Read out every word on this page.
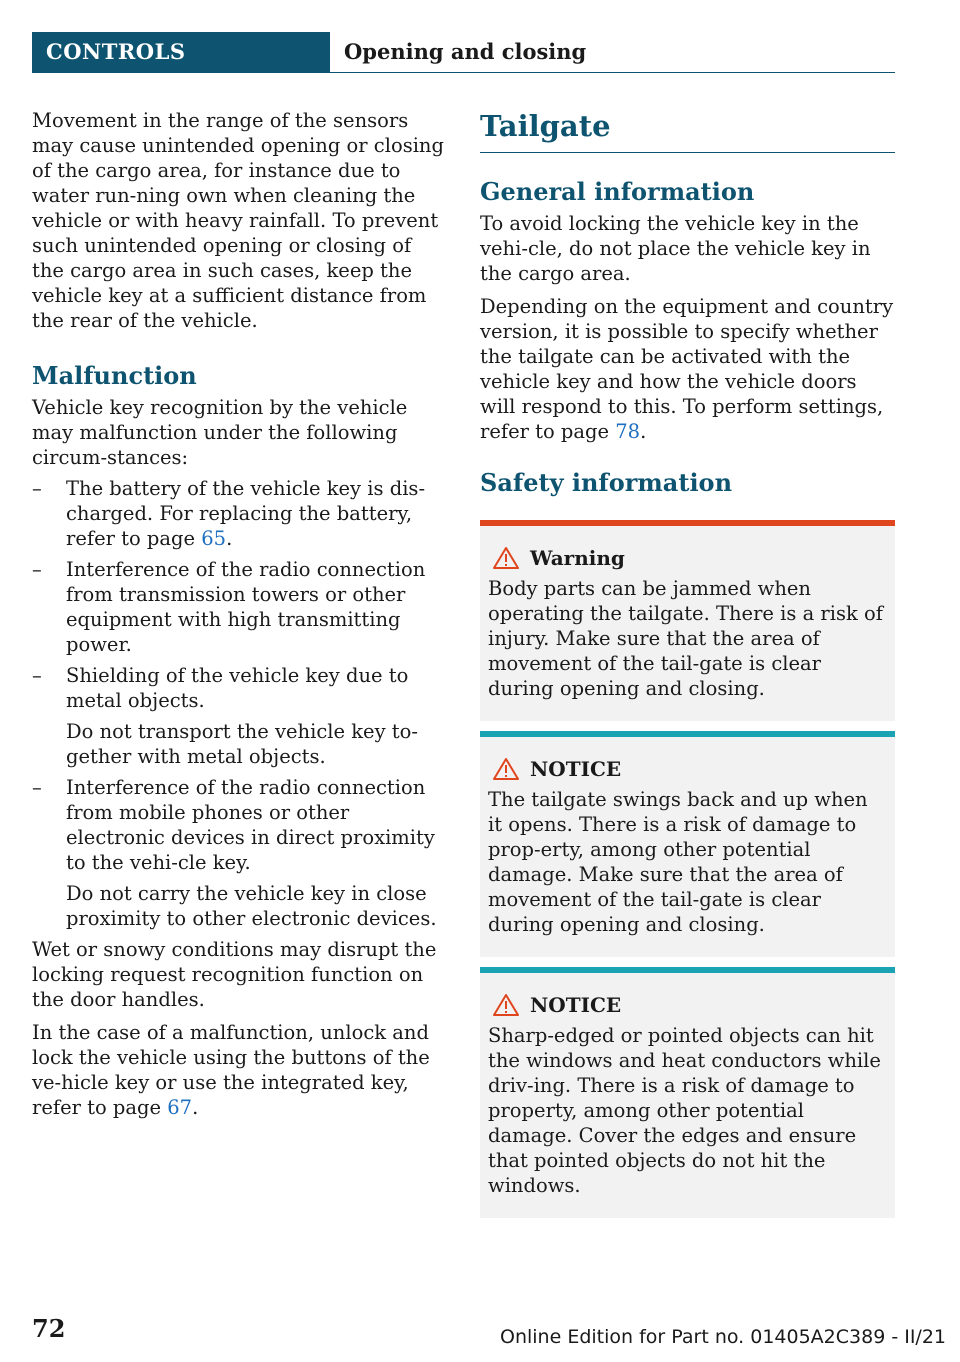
CONTROLS	Opening and closing

Movement in the range of the sensors may cause unintended opening or closing of the cargo area, for instance due to water run-ning own when cleaning the vehicle or with heavy rainfall. To prevent such unintended opening or closing of the cargo area in such cases, keep the vehicle key at a sufficient distance from the rear of the vehicle.

Malfunction

Vehicle key recognition by the vehicle may malfunction under the following circum-stances:

– The battery of the vehicle key is dis-charged. For replacing the battery, refer to page 65.
– Interference of the radio connection from transmission towers or other equipment with high transmitting power.
– Shielding of the vehicle key due to metal objects.
Do not transport the vehicle key to-gether with metal objects.
– Interference of the radio connection from mobile phones or other electronic devices in direct proximity to the vehi-cle key.
Do not carry the vehicle key in close proximity to other electronic devices.

Wet or snowy conditions may disrupt the locking request recognition function on the door handles.

In the case of a malfunction, unlock and lock the vehicle using the buttons of the ve-hicle key or use the integrated key, refer to page 67.

Tailgate
General information

To avoid locking the vehicle key in the vehi-cle, do not place the vehicle key in the cargo area.

Depending on the equipment and country version, it is possible to specify whether the tailgate can be activated with the vehicle key and how the vehicle doors will respond to this. To perform settings, refer to page 78.

Safety information
Warning

Body parts can be jammed when operating the tailgate. There is a risk of injury. Make sure that the area of movement of the tail-gate is clear during opening and closing.

NOTICE

The tailgate swings back and up when it opens. There is a risk of damage to prop-erty, among other potential damage. Make sure that the area of movement of the tail-gate is clear during opening and closing.

NOTICE

Sharp-edged or pointed objects can hit the windows and heat conductors while driv-ing. There is a risk of damage to property, among other potential damage. Cover the edges and ensure that pointed objects do not hit the windows.

72	Online Edition for Part no. 01405A2C389 - II/21
